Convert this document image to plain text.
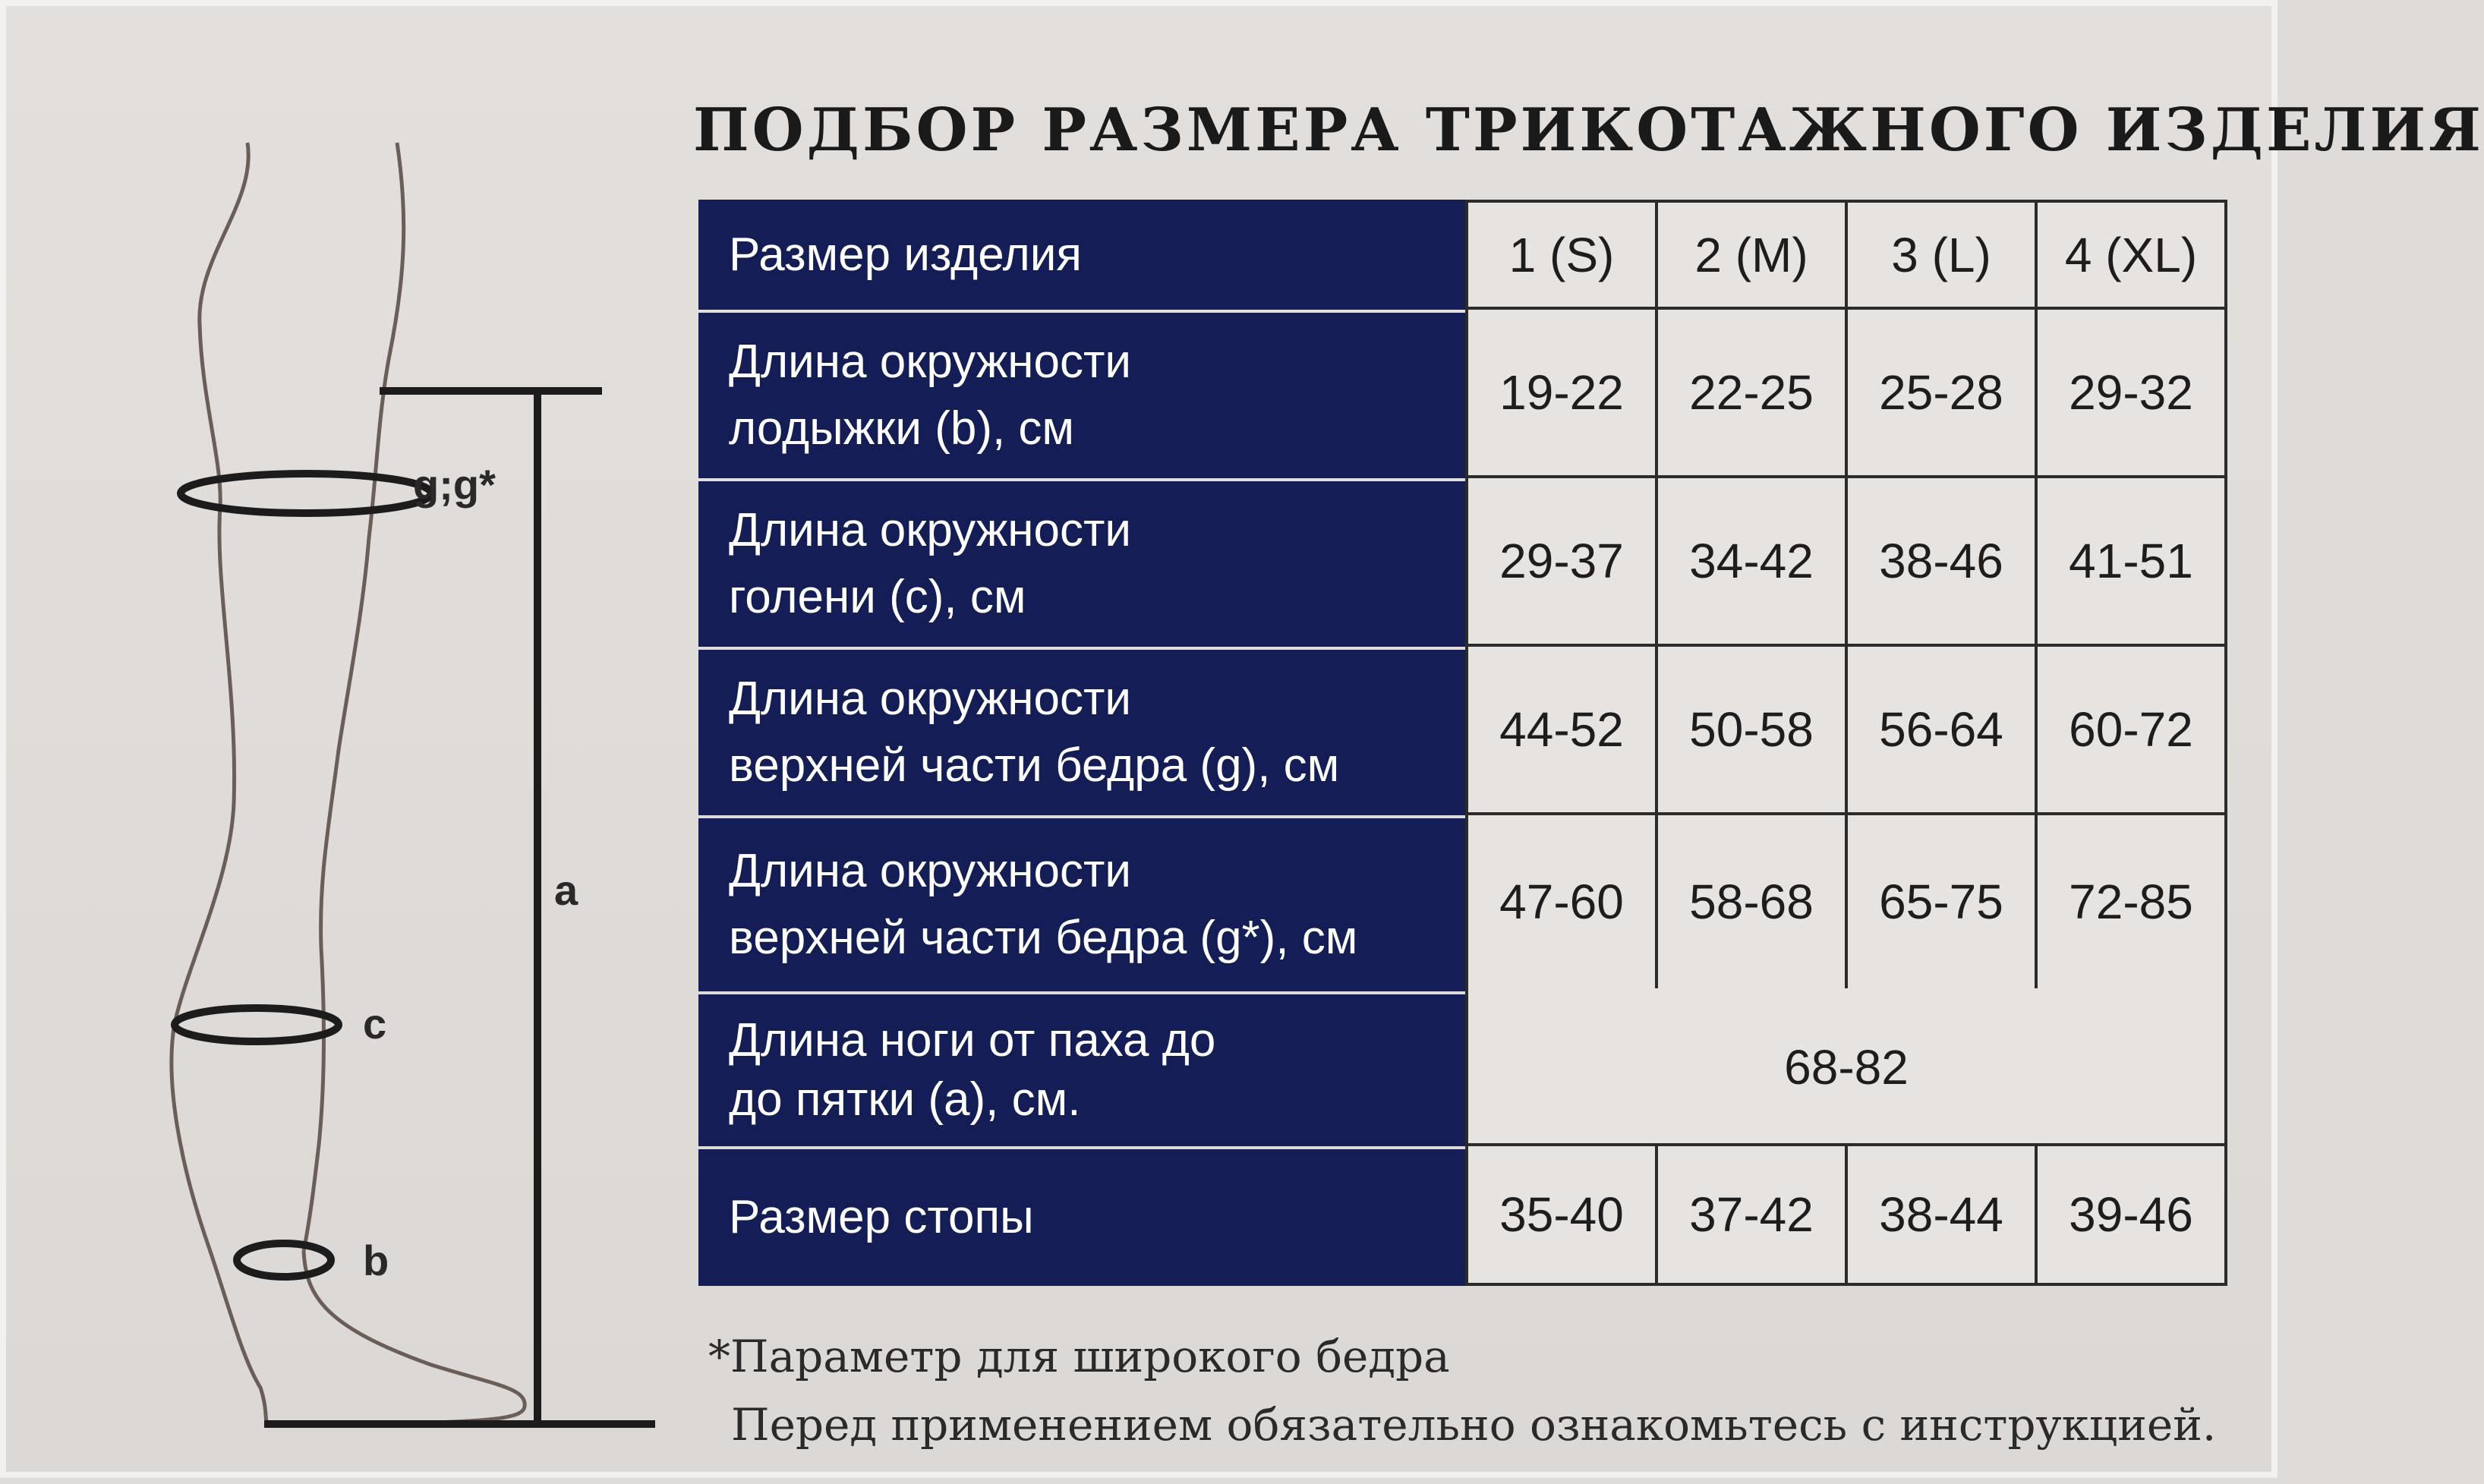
g;g*
a
c
b
ПОДБОР РАЗМЕРА ТРИКОТАЖНОГО ИЗДЕЛИЯ
Размер изделия	1 (S)	2 (M)	3 (L)	4 (XL)
Длина окружности
лодыжки (b), см
19-22	22-25	25-28	29-32
Длина окружности
голени (c), см
29-37	34-42	38-46	41-51
Длина окружности
верхней части бедра (g), см
44-52	50-58	56-64	60-72
Длина окружности
верхней части бедра (g*), см
47-60	58-68	65-75	72-85
Длина ноги от паха до
до пятки (a), см.
68-82
Размер стопы	35-40	37-42	38-44	39-46
*Параметр для широкого бедра
Перед применением обязательно ознакомьтесь с инструкцией.
